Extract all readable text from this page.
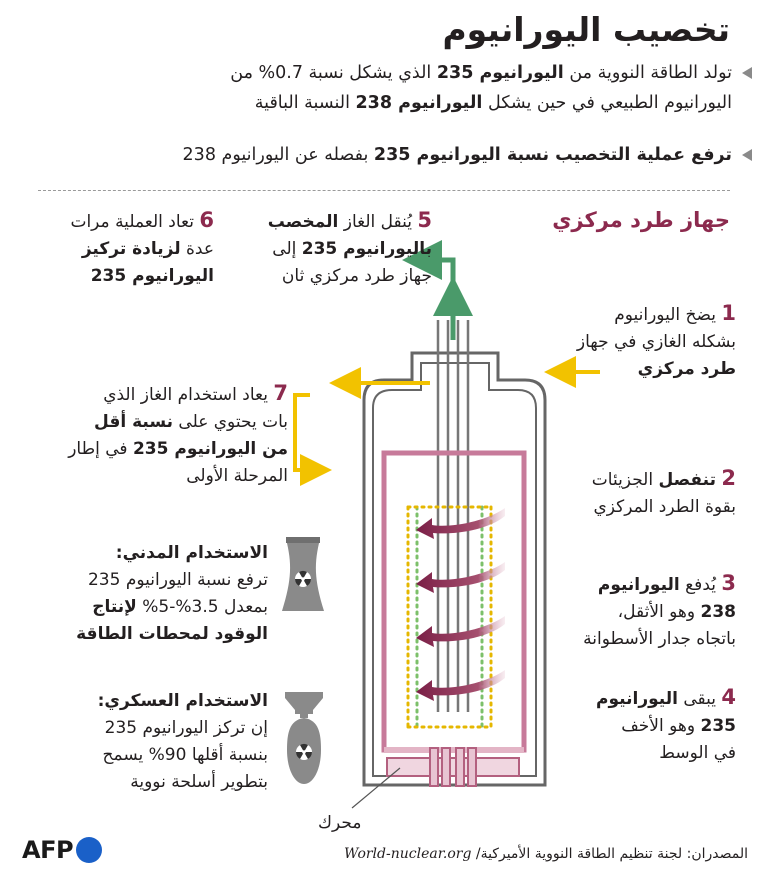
تخصيب اليورانيوم
تولد الطاقة النووية من اليورانيوم 235 الذي يشكل نسبة 0.7% من
اليورانيوم الطبيعي في حين يشكل اليورانيوم 238 النسبة الباقية
ترفع عملية التخصيب نسبة اليورانيوم 235 بفصله عن اليورانيوم 238
جهاز طرد مركزي
1 يضخ اليورانيوم
بشكله الغازي في جهاز
طرد مركزي
2 تنفصل الجزيئات
بقوة الطرد المركزي
3 يُدفع اليورانيوم
238 وهو الأثقل،
باتجاه جدار الأسطوانة
4 يبقى اليورانيوم
235 وهو الأخف
في الوسط
5 يُنقل الغاز المخصب
باليورانيوم 235 إلى
جهاز طرد مركزي ثان
6 تعاد العملية مرات
عدة لزيادة تركيز
اليورانيوم 235
7 يعاد استخدام الغاز الذي
بات يحتوي على نسبة أقل
من اليورانيوم 235 في إطار
المرحلة الأولى
الاستخدام المدني:
ترفع نسبة اليورانيوم 235
بمعدل 3.5%-5% لإنتاج
الوقود لمحطات الطاقة
الاستخدام العسكري:
إن تركز اليورانيوم 235
بنسبة أقلها 90% يسمح
بتطوير أسلحة نووية
محرك
المصدران: لجنة تنظيم الطاقة النووية الأميركية/ World-nuclear.org
AFP
